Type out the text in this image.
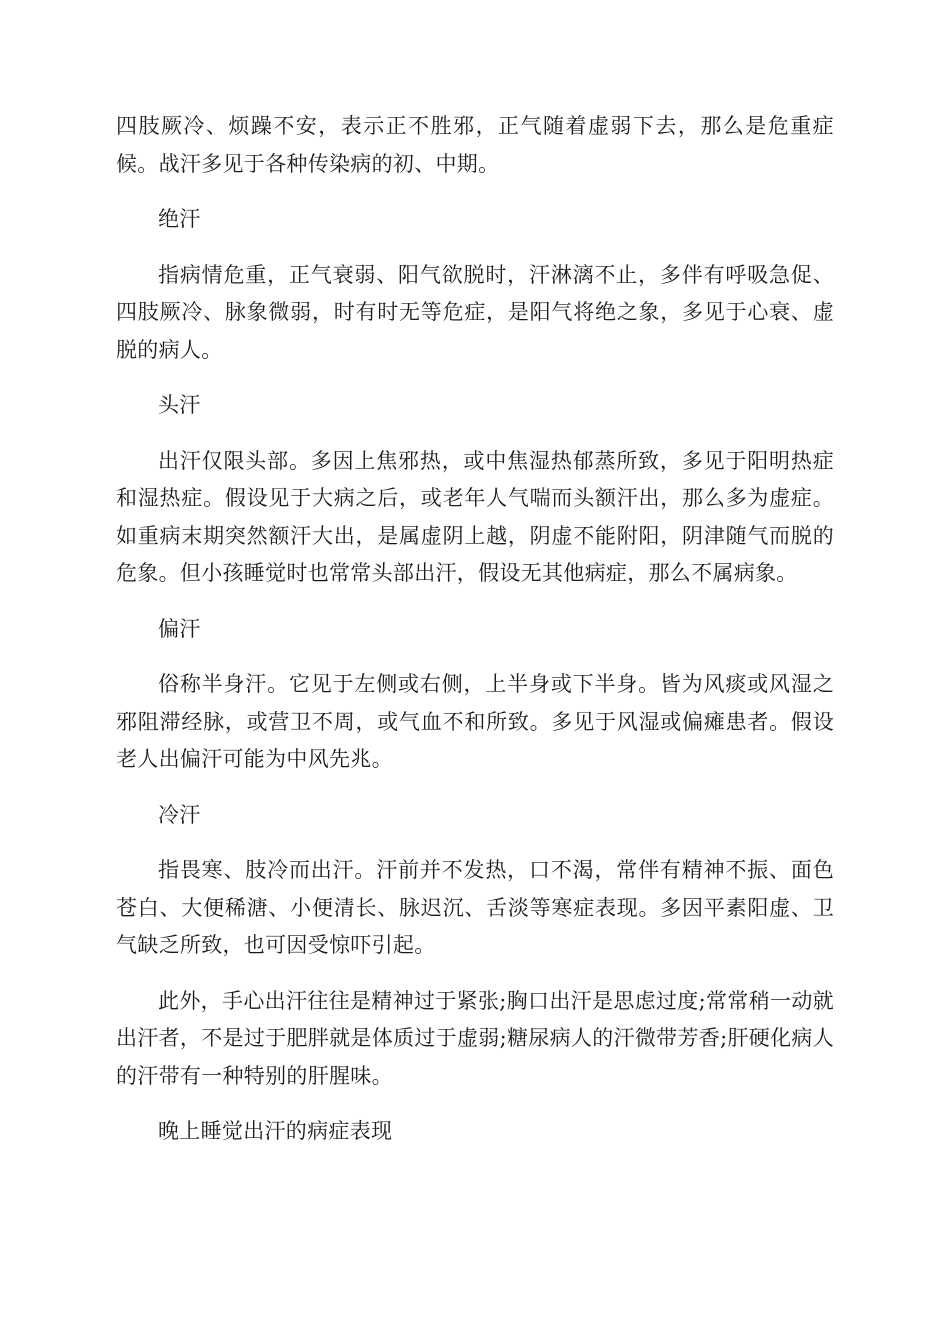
四肢厥冷、烦躁不安，表示正不胜邪，正气随着虚弱下去，那么是危重症候。战汗多见于各种传染病的初、中期。

绝汗

指病情危重，正气衰弱、阳气欲脱时，汗淋漓不止，多伴有呼吸急促、四肢厥冷、脉象微弱，时有时无等危症，是阳气将绝之象，多见于心衰、虚脱的病人。

头汗

出汗仅限头部。多因上焦邪热，或中焦湿热郁蒸所致，多见于阳明热症和湿热症。假设见于大病之后，或老年人气喘而头额汗出，那么多为虚症。如重病末期突然额汗大出，是属虚阴上越，阴虚不能附阳，阴津随气而脱的危象。但小孩睡觉时也常常头部出汗，假设无其他病症，那么不属病象。

偏汗

俗称半身汗。它见于左侧或右侧，上半身或下半身。皆为风痰或风湿之邪阻滞经脉，或营卫不周，或气血不和所致。多见于风湿或偏瘫患者。假设老人出偏汗可能为中风先兆。

冷汗

指畏寒、肢冷而出汗。汗前并不发热，口不渴，常伴有精神不振、面色苍白、大便稀溏、小便清长、脉迟沉、舌淡等寒症表现。多因平素阳虚、卫气缺乏所致，也可因受惊吓引起。

此外，手心出汗往往是精神过于紧张;胸口出汗是思虑过度;常常稍一动就出汗者，不是过于肥胖就是体质过于虚弱;糖尿病人的汗微带芳香;肝硬化病人的汗带有一种特别的肝腥味。

晚上睡觉出汗的病症表现
